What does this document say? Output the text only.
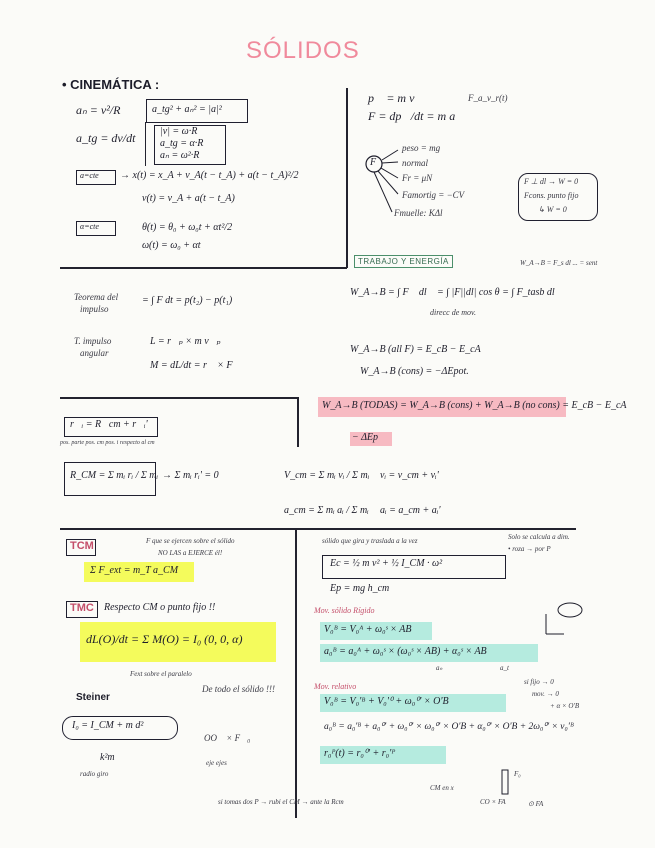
SÓLIDOS
• CINEMÁTICA :
aₙ = v²/R
a_tg = dv/dt
a_tg² + aₙ² = |a|²
|v| = ω·R
a_tg = α·R
aₙ = ω²·R
a=cte → x(t) = x_A + v_A(t − t_A) + a(t − t_A)²/2
v(t) = v_A + a(t − t_A)
α=cte	θ(t) = θ₀ + ω₀t + αt²/2
ω(t) = ω₀ + αt
p⃗ = m v⃗
F = dp⃗/dt = m a⃗
F_a_v_r(t)
F
peso = mg
normal
Fr = μN
Famortig = −CV
Fmuelle: KΔl
F ⊥ dl → W = 0
Fcons. punto fijo
↳ W = 0
TRABAJO Y ENERGÍA	W_A→B = F_s dl ... = sent
W_A→B = ∫ F⃗ dl⃗ = ∫ |F||dl| cos θ = ∫ F_tasb dl
direcc de mov.
W_A→B (all F) = E_cB − E_cA
W_A→B (cons) = −ΔEpot.
W_A→B (TODAS) = W_A→B (cons) + W_A→B (no cons) = E_cB − E_cA
− ΔEp
Teorema del
impulso
= ∫ F dt = p(t₂) − p(t₁)
T. impulso
angular
L = r⃗ₚ × m v⃗ₚ
M = dL/dt = r⃗ × F⃗
r⃗ᵢ = R⃗cm + r⃗ᵢ'
pos. parte pos. cm pos. i respecto al cm
R_CM = Σ mᵢ rᵢ / Σ mᵢ → Σ mᵢ rᵢ' = 0	V_cm = Σ mᵢ vᵢ / Σ mᵢ vᵢ = v_cm + vᵢ'
a_cm = Σ mᵢ aᵢ / Σ mᵢ aᵢ = a_cm + aᵢ'
TCM	F que se ejercen sobre el sólido
NO LAS a EJERCE él!
Σ F_ext = m_T a_CM
TMC Respecto CM o punto fijo !!
dL(O)/dt = Σ M(O) = I₀ (0, 0, α)
Fext sobre el paralelo
De todo el sólido !!!
Steiner
I₀ = I_CM + m d²
k²m
radio giro
OO⃗ × F⃗₀
eje ejes
sólido que gira y traslada a la vez	Solo se calcula a dim.
• roza → por P
Ec = ½ m v² + ½ I_CM · ω²
Ep = mg h_cm
Mov. sólido Rígido
V₀ᴮ = V₀ᴬ + ω₀ˢ × AB
a₀ᴮ = a₀ᴬ + ω₀ˢ × (ω₀ˢ × AB) + α₀ˢ × AB
aₙ	a_t
Mov. relativo	si fijo → 0
mov. → 0
+ α × O'B
V₀ᴮ = V₀'ᴮ + V₀'⁰ + ω₀⁰' × O'B
a₀ᴮ = a₀'ᴮ + a₀⁰' + ω₀⁰' × ω₀⁰' × O'B + α₀⁰' × O'B + 2ω₀⁰' × v₀'ᴮ
r₀ᴾ(t) = r₀⁰' + r₀'ᴾ
si tomas dos P → rubi el CM → ante la Rcm
CM en x
F₀
CO × FA	⊙ FA
